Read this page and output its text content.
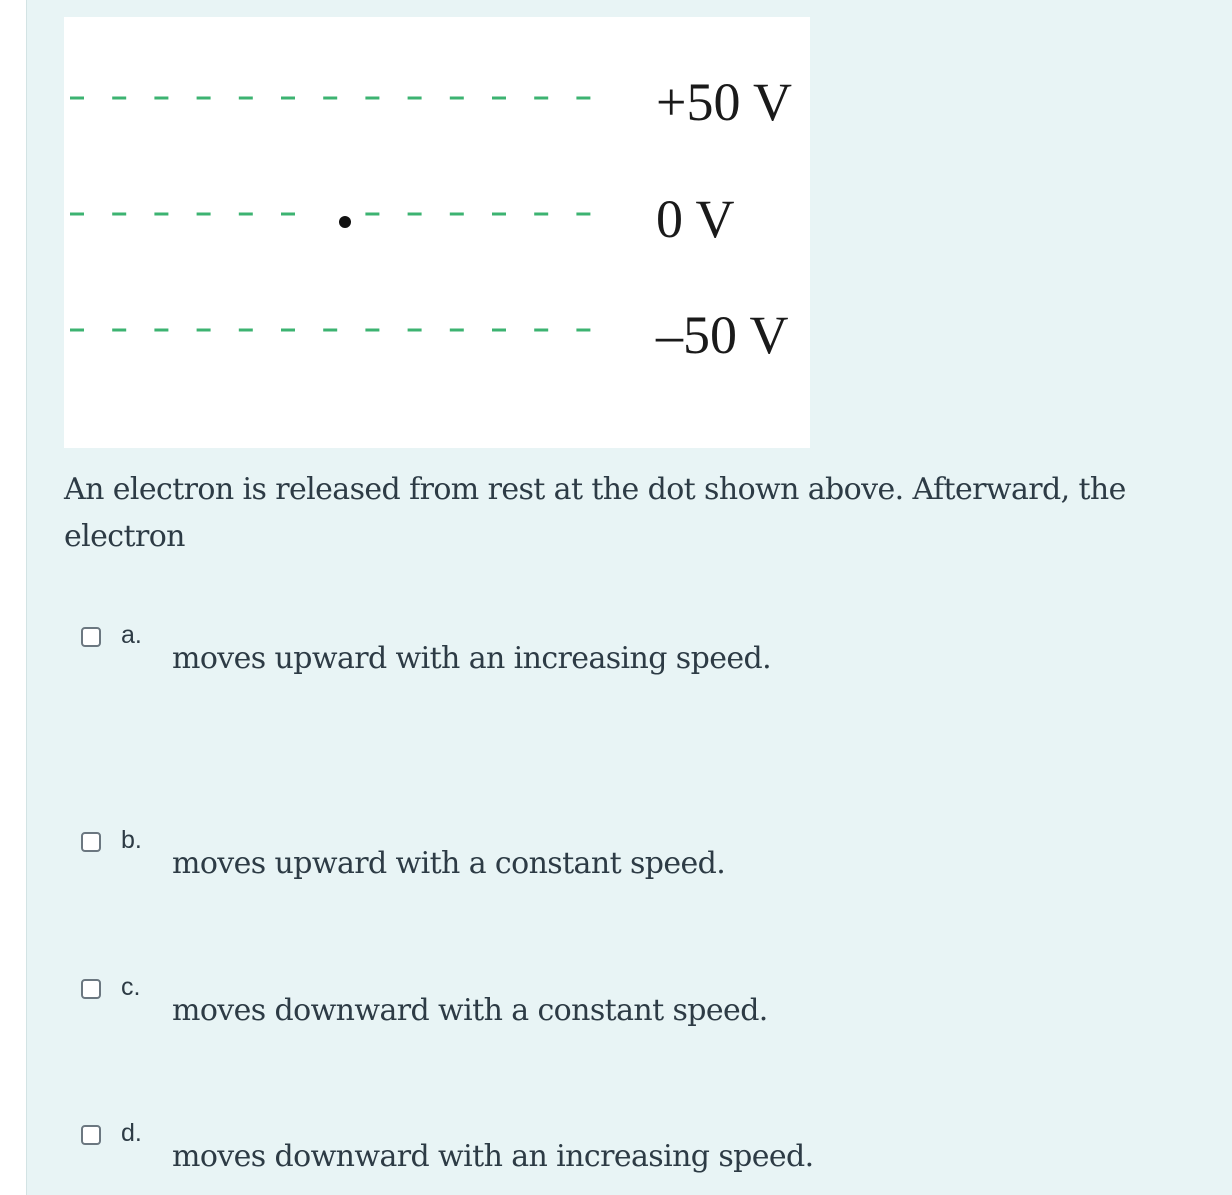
+50 V
0 V
–50 V

An electron is released from rest at the dot shown above. Afterward, the electron

a.
moves upward with an increasing speed.
b.
moves upward with a constant speed.
c.
moves downward with a constant speed.
d.
moves downward with an increasing speed.
